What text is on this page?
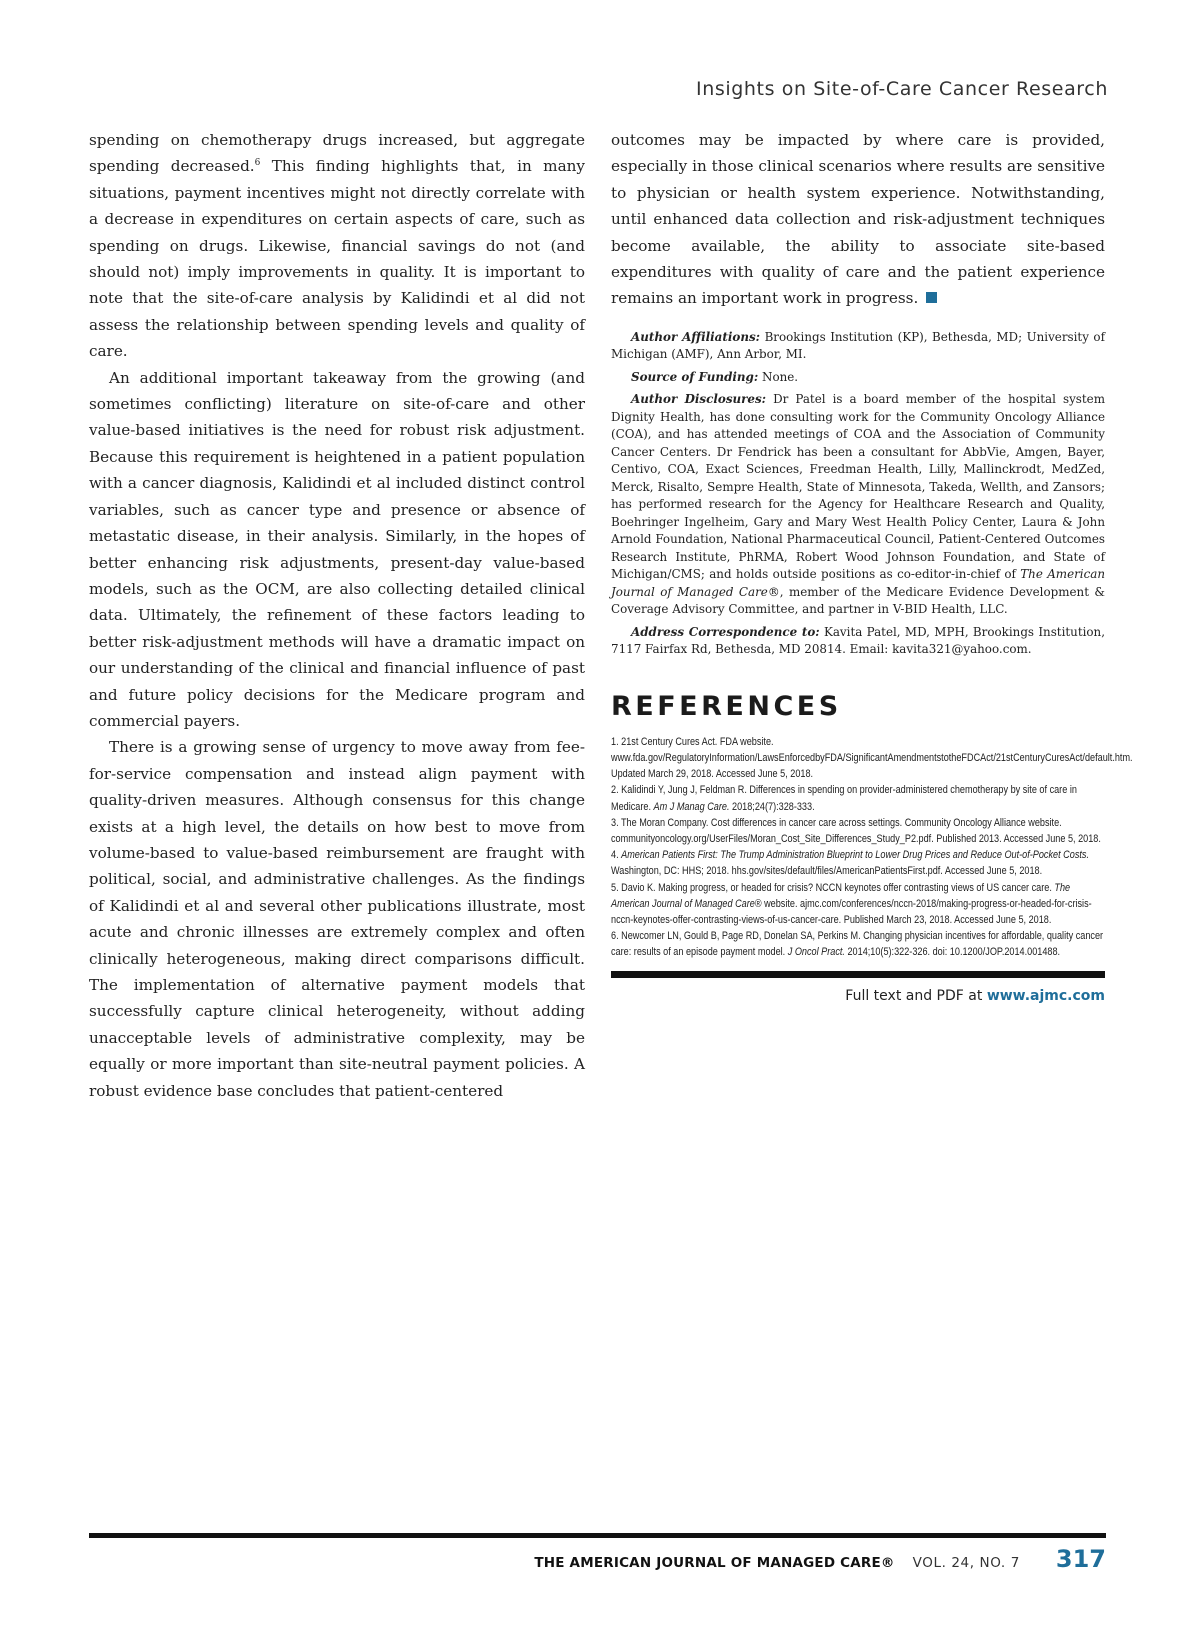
Insights on Site-of-Care Cancer Research

spending on chemotherapy drugs increased, but aggregate spending decreased.$^6$ This finding highlights that, in many situations, payment incentives might not directly correlate with a decrease in expenditures on certain aspects of care, such as spending on drugs. Likewise, financial savings do not (and should not) imply improvements in quality. It is important to note that the site-of-care analysis by Kalidindi et al did not assess the relationship between spending levels and quality of care.

An additional important takeaway from the growing (and sometimes conflicting) literature on site-of-care and other value-based initiatives is the need for robust risk adjustment. Because this requirement is heightened in a patient population with a cancer diagnosis, Kalidindi et al included distinct control variables, such as cancer type and presence or absence of metastatic disease, in their analysis. Similarly, in the hopes of better enhancing risk adjustments, present-day value-based models, such as the OCM, are also collecting detailed clinical data. Ultimately, the refinement of these factors leading to better risk-adjustment methods will have a dramatic impact on our understanding of the clinical and financial influence of past and future policy decisions for the Medicare program and commercial payers.

There is a growing sense of urgency to move away from fee-for-service compensation and instead align payment with quality-driven measures. Although consensus for this change exists at a high level, the details on how best to move from volume-based to value-based reimbursement are fraught with political, social, and administrative challenges. As the findings of Kalidindi et al and several other publications illustrate, most acute and chronic illnesses are extremely complex and often clinically heterogeneous, making direct comparisons difficult. The implementation of alternative payment models that successfully capture clinical heterogeneity, without adding unacceptable levels of administrative complexity, may be equally or more important than site-neutral payment policies. A robust evidence base concludes that patient-centered

outcomes may be impacted by where care is provided, especially in those clinical scenarios where results are sensitive to physician or health system experience. Notwithstanding, until enhanced data collection and risk-adjustment techniques become available, the ability to associate site-based expenditures with quality of care and the patient experience remains an important work in progress.

Author Affiliations: Brookings Institution (KP), Bethesda, MD; University of Michigan (AMF), Ann Arbor, MI.

Source of Funding: None.

Author Disclosures: Dr Patel is a board member of the hospital system Dignity Health, has done consulting work for the Community Oncology Alliance (COA), and has attended meetings of COA and the Association of Community Cancer Centers. Dr Fendrick has been a consultant for AbbVie, Amgen, Bayer, Centivo, COA, Exact Sciences, Freedman Health, Lilly, Mallinckrodt, MedZed, Merck, Risalto, Sempre Health, State of Minnesota, Takeda, Wellth, and Zansors; has performed research for the Agency for Healthcare Research and Quality, Boehringer Ingelheim, Gary and Mary West Health Policy Center, Laura & John Arnold Foundation, National Pharmaceutical Council, Patient-Centered Outcomes Research Institute, PhRMA, Robert Wood Johnson Foundation, and State of Michigan/CMS; and holds outside positions as co-editor-in-chief of The American Journal of Managed Care®, member of the Medicare Evidence Development & Coverage Advisory Committee, and partner in V-BID Health, LLC.

Address Correspondence to: Kavita Patel, MD, MPH, Brookings Institution, 7117 Fairfax Rd, Bethesda, MD 20814. Email: kavita321@yahoo.com.

REFERENCES
1. 21st Century Cures Act. FDA website. www.fda.gov/RegulatoryInformation/LawsEnforcedbyFDA/SignificantAmendmentstotheFDCAct/21stCenturyCuresAct/default.htm. Updated March 29, 2018. Accessed June 5, 2018.
2. Kalidindi Y, Jung J, Feldman R. Differences in spending on provider-administered chemotherapy by site of care in Medicare. Am J Manag Care. 2018;24(7):328-333.
3. The Moran Company. Cost differences in cancer care across settings. Community Oncology Alliance website. communityoncology.org/UserFiles/Moran_Cost_Site_Differences_Study_P2.pdf. Published 2013. Accessed June 5, 2018.
4. American Patients First: The Trump Administration Blueprint to Lower Drug Prices and Reduce Out-of-Pocket Costs. Washington, DC: HHS; 2018. hhs.gov/sites/default/files/AmericanPatientsFirst.pdf. Accessed June 5, 2018.
5. Davio K. Making progress, or headed for crisis? NCCN keynotes offer contrasting views of US cancer care. The American Journal of Managed Care® website. ajmc.com/conferences/nccn-2018/making-progress-or-headed-for-crisis-nccn-keynotes-offer-contrasting-views-of-us-cancer-care. Published March 23, 2018. Accessed June 5, 2018.
6. Newcomer LN, Gould B, Page RD, Donelan SA, Perkins M. Changing physician incentives for affordable, quality cancer care: results of an episode payment model. J Oncol Pract. 2014;10(5):322-326. doi: 10.1200/JOP.2014.001488.
Full text and PDF at www.ajmc.com
THE AMERICAN JOURNAL OF MANAGED CARE® VOL. 24, NO. 7 317
